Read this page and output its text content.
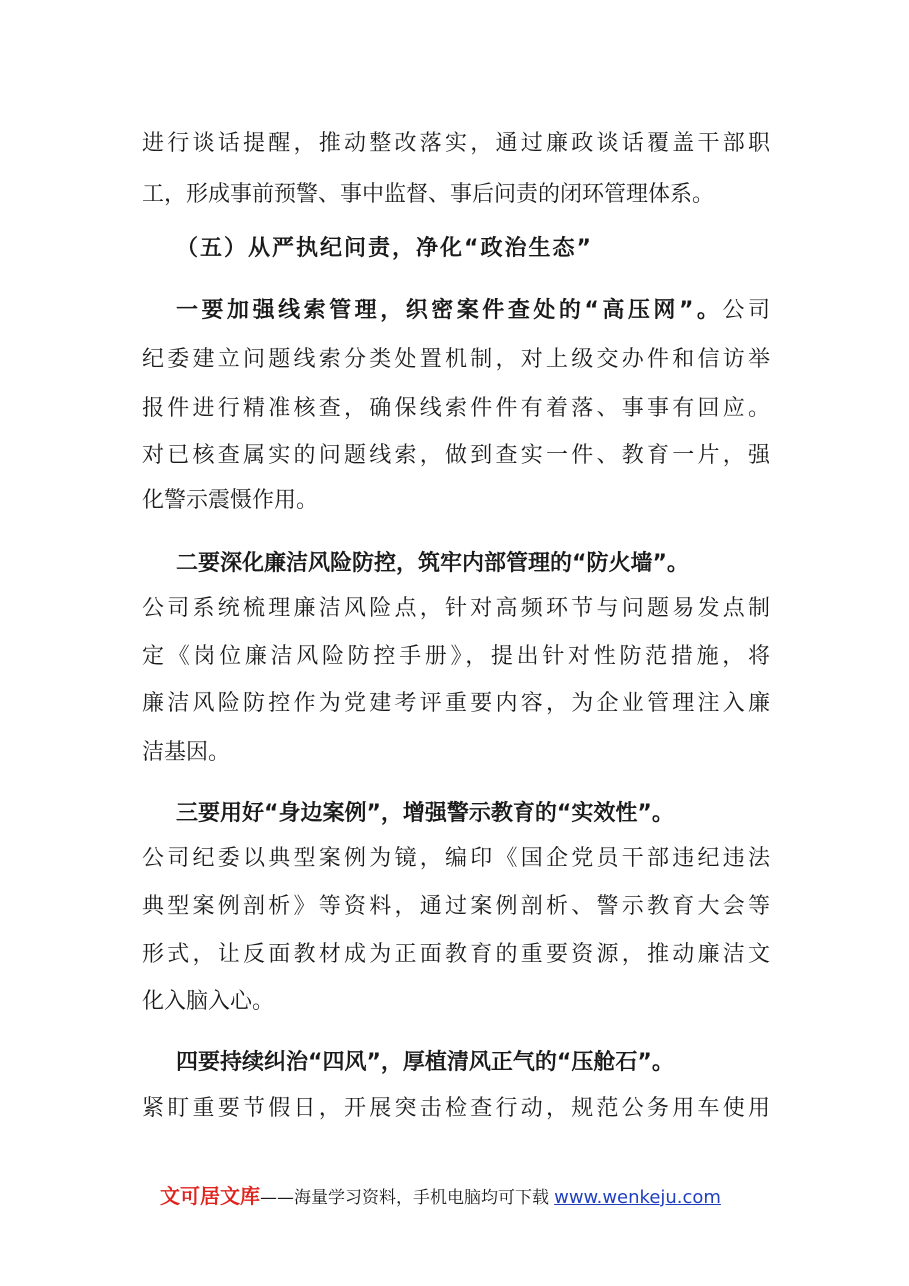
进行谈话提醒，推动整改落实，通过廉政谈话覆盖干部职
工，形成事前预警、事中监督、事后问责的闭环管理体系。
（五）从严执纪问责，净化“政治生态”
一要加强线索管理，织密案件查处的“高压网”。公司
纪委建立问题线索分类处置机制，对上级交办件和信访举
报件进行精准核查，确保线索件件有着落、事事有回应。
对已核查属实的问题线索，做到查实一件、教育一片，强
化警示震慑作用。
二要深化廉洁风险防控，筑牢内部管理的“防火墙”。
公司系统梳理廉洁风险点，针对高频环节与问题易发点制
定《岗位廉洁风险防控手册》，提出针对性防范措施，将
廉洁风险防控作为党建考评重要内容，为企业管理注入廉
洁基因。
三要用好“身边案例”，增强警示教育的“实效性”。
公司纪委以典型案例为镜，编印《国企党员干部违纪违法
典型案例剖析》等资料，通过案例剖析、警示教育大会等
形式，让反面教材成为正面教育的重要资源，推动廉洁文
化入脑入心。
四要持续纠治“四风”，厚植清风正气的“压舱石”。
紧盯重要节假日，开展突击检查行动，规范公务用车使用
文可居文库——海量学习资料，手机电脑均可下载 www.wenkeju.com
